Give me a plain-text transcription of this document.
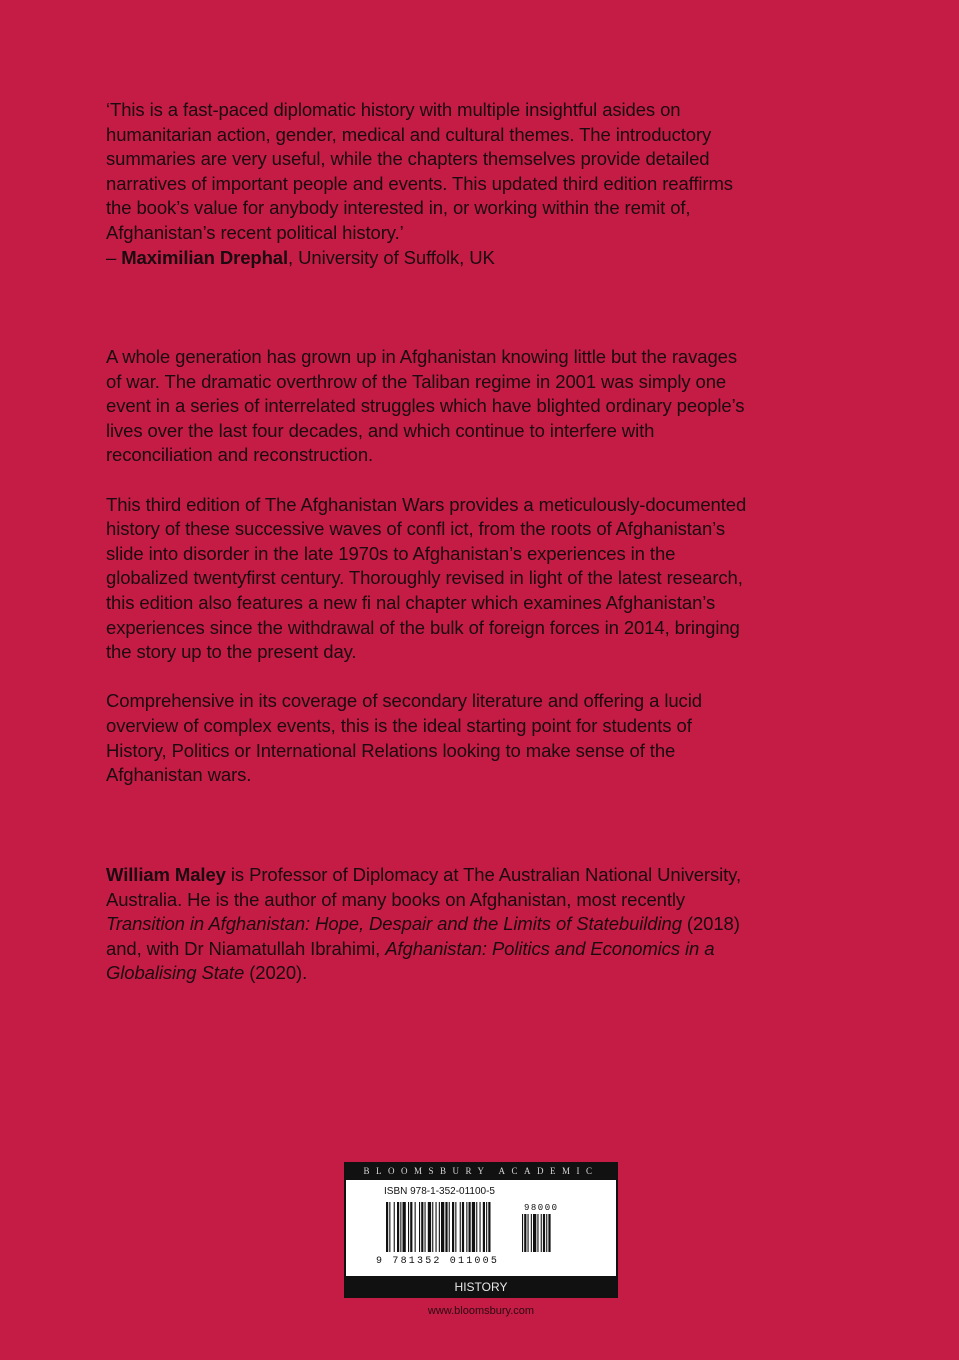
‘This is a fast-paced diplomatic history with multiple insightful asides on
humanitarian action, gender, medical and cultural themes. The introductory
summaries are very useful, while the chapters themselves provide detailed
narratives of important people and events. This updated third edition reaffirms
the book’s value for anybody interested in, or working within the remit of,
Afghanistan’s recent political history.’
– Maximilian Drephal, University of Suffolk, UK

A whole generation has grown up in Afghanistan knowing little but the ravages
of war. The dramatic overthrow of the Taliban regime in 2001 was simply one
event in a series of interrelated struggles which have blighted ordinary people’s
lives over the last four decades, and which continue to interfere with
reconciliation and reconstruction.

This third edition of The Afghanistan Wars provides a meticulously-documented
history of these successive waves of confl ict, from the roots of Afghanistan’s
slide into disorder in the late 1970s to Afghanistan’s experiences in the
globalized twentyfirst century. Thoroughly revised in light of the latest research,
this edition also features a new fi nal chapter which examines Afghanistan’s
experiences since the withdrawal of the bulk of foreign forces in 2014, bringing
the story up to the present day.

Comprehensive in its coverage of secondary literature and offering a lucid
overview of complex events, this is the ideal starting point for students of
History, Politics or International Relations looking to make sense of the
Afghanistan wars.

William Maley is Professor of Diplomacy at The Australian National University,
Australia. He is the author of many books on Afghanistan, most recently
Transition in Afghanistan: Hope, Despair and the Limits of Statebuilding (2018)
and, with Dr Niamatullah Ibrahimi, Afghanistan: Politics and Economics in a
Globalising State (2020).
BLOOMSBURY ACADEMIC
ISBN 978-1-352-01100-5
98000
9 781352 011005
HISTORY
www.bloomsbury.com
